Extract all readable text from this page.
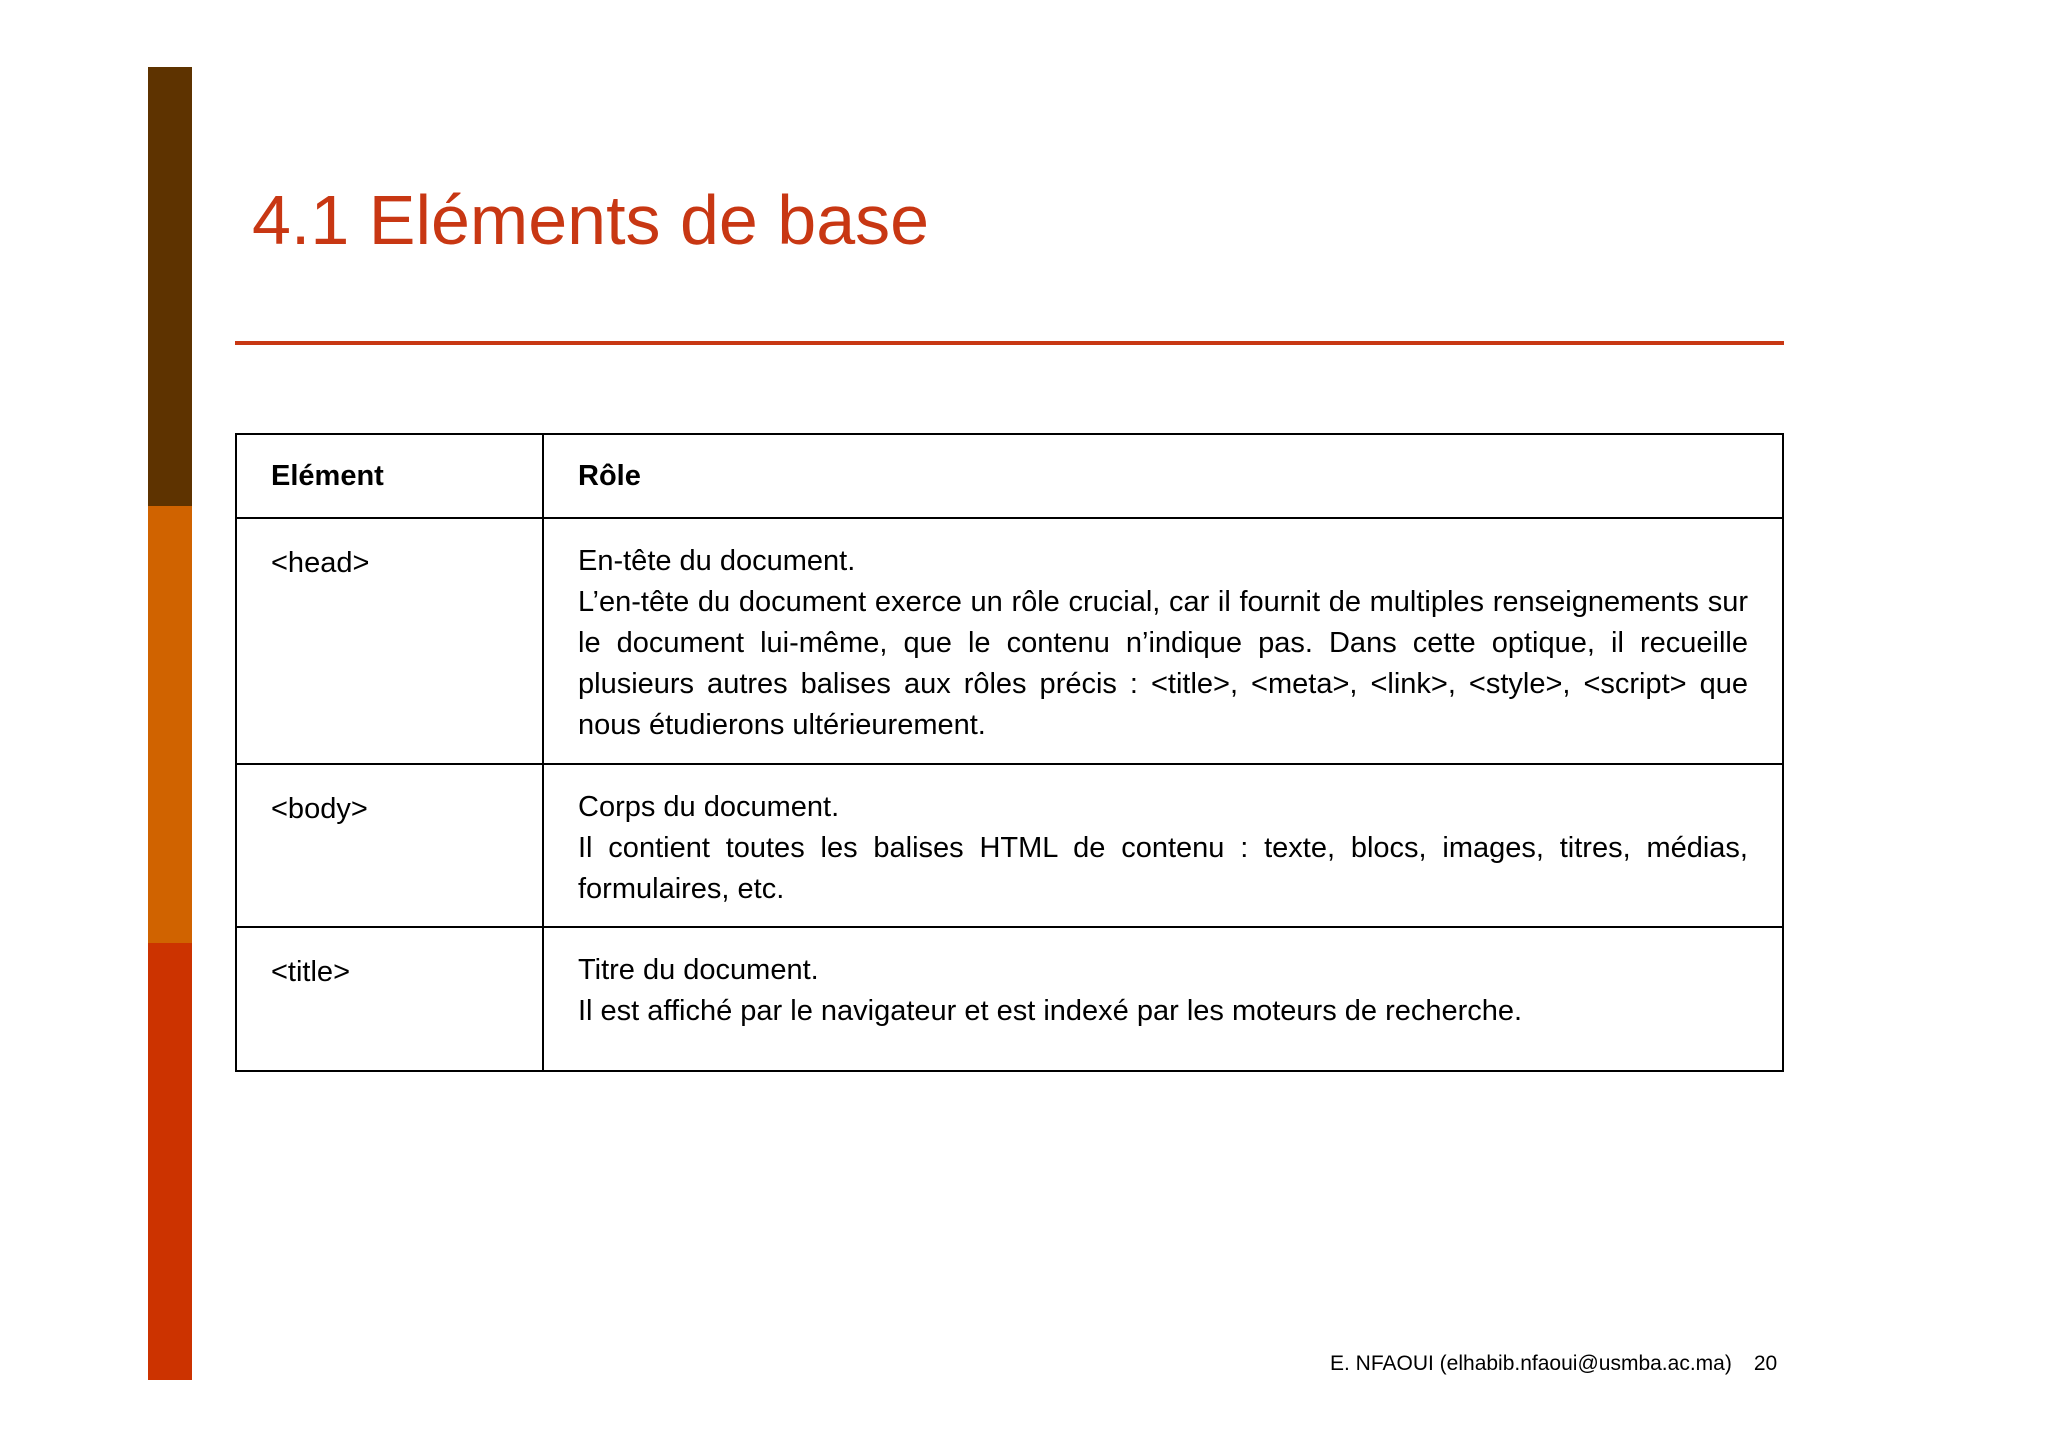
4.1 Eléments de base
Elément	Rôle

<head>	En-tête du document.
L’en-tête du document exerce un rôle crucial, car il fournit de multiples renseignements sur le document lui-même, que le contenu n’indique pas. Dans cette optique, il recueille plusieurs autres balises aux rôles précis : <title>, <meta>, <link>, <style>, <script> que nous étudierons ultérieurement.

<body>	Corps du document.
Il contient toutes les balises HTML de contenu : texte, blocs, images, titres, médias, formulaires, etc.

<title>	Titre du document.
Il est affiché par le navigateur et est indexé par les moteurs de recherche.
E. NFAOUI (elhabib.nfaoui@usmba.ac.ma) 20
